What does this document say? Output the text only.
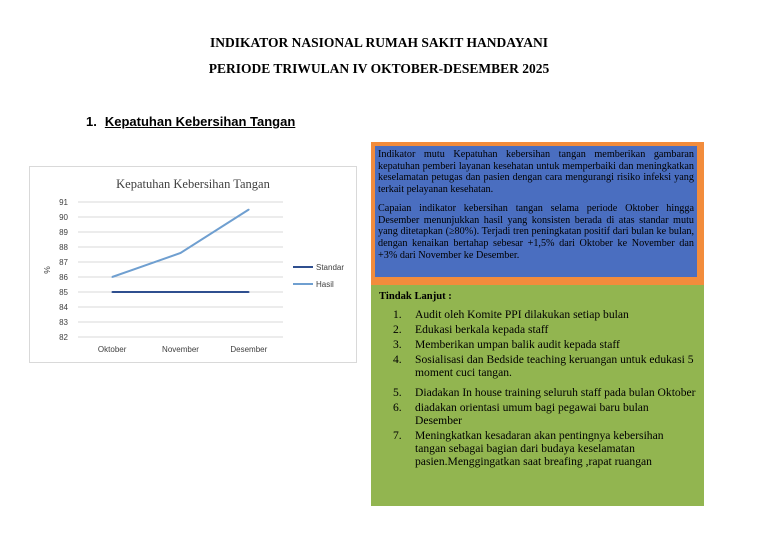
INDIKATOR NASIONAL RUMAH SAKIT HANDAYANI
PERIODE TRIWULAN IV OKTOBER-DESEMBER 2025
1. Kepatuhan Kebersihan Tangan
Kepatuhan Kebersihan Tangan
82
83
84
85
86
87
88
89
90
91
%
Oktober	November	Desember
Standar
Hasil

Indikator mutu Kepatuhan kebersihan tangan memberikan gambaran kepatuhan pemberi layanan kesehatan untuk memperbaiki dan meningkatkan keselamatan petugas dan pasien dengan cara mengurangi risiko infeksi yang terkait pelayanan kesehatan.

Capaian indikator kebersihan tangan selama periode Oktober hingga Desember menunjukkan hasil yang konsisten berada di atas standar mutu yang ditetapkan (≥80%). Terjadi tren peningkatan positif dari bulan ke bulan, dengan kenaikan bertahap sebesar +1,5% dari Oktober ke November dan +3% dari November ke Desember.

Tindak Lanjut :
1. Audit oleh Komite PPI dilakukan setiap bulan
2. Edukasi berkala kepada staff
3. Memberikan umpan balik audit kepada staff
4. Sosialisasi dan Bedside teaching keruangan untuk edukasi 5 moment cuci tangan.
5. Diadakan In house training seluruh staff pada bulan Oktober
6. diadakan orientasi umum bagi pegawai baru bulan Desember
7. Meningkatkan kesadaran akan pentingnya kebersihan tangan sebagai bagian dari budaya keselamatan pasien.Menggingatkan saat breafing ,rapat ruangan
